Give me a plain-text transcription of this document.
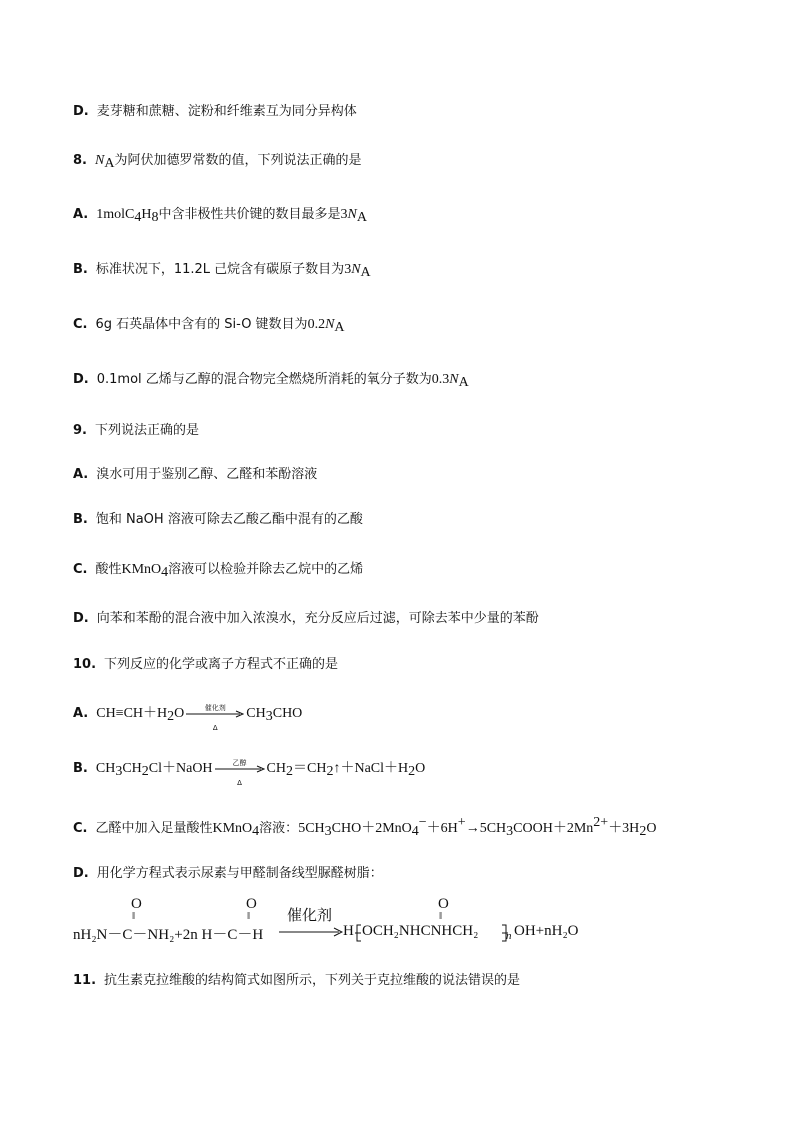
D. 麦芽糖和蔗糖、淀粉和纤维素互为同分异构体
8. $N_A$为阿伏加德罗常数的值，下列说法正确的是
A. $1molC_4H_8$中含非极性共价键的数目最多是$3N_A$
B. 标准状况下，11.2L 己烷含有碳原子数目为$3N_A$
C. 6g 石英晶体中含有的 Si-O 键数目为$0.2N_A$
D. 0.1mol 乙烯与乙醇的混合物完全燃烧所消耗的氧分子数为$0.3N_A$
9. 下列说法正确的是
A. 溴水可用于鉴别乙醇、乙醛和苯酚溶液
B. 饱和 NaOH 溶液可除去乙酸乙酯中混有的乙酸
C. 酸性KMnO$_4$溶液可以检验并除去乙烷中的乙烯
D. 向苯和苯酚的混合液中加入浓溴水，充分反应后过滤，可除去苯中少量的苯酚
10. 下列反应的化学或离子方程式不正确的是
A. $CH\equiv CH+H_2O$	催化剂
Δ
$CH_3CHO$
B. $CH_3CH_2Cl+NaOH$	乙醇
Δ
$CH_2=CH_2↑+NaCl+H_2O$
C. 乙醛中加入足量酸性KMnO$_4$溶液：$5CH_3CHO+2MnO_4^-+6H^+\to 5CH_3COOH+2Mn^{2+}+3H_2O$
D. 用化学方程式表示尿素与甲醛制备线型脲醛树脂：
O
‖
nH₂N－C－NH₂+2n H－C－H
O
‖ 催化剂
H OCH₂NHCNHCH₂
O
‖
n OH+nH₂O
11. 抗生素克拉维酸的结构简式如图所示，下列关于克拉维酸的说法错误的是
